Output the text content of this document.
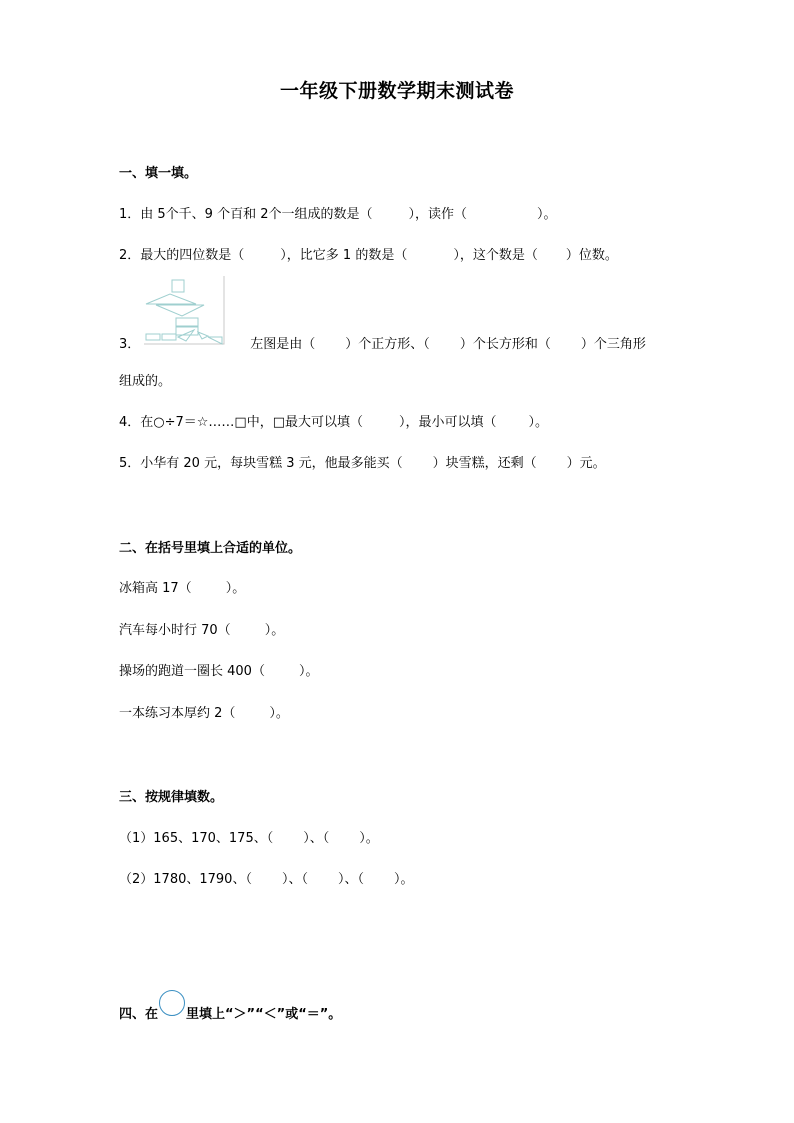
一年级下册数学期末测试卷
一、填一填。
1．由 5个千、9 个百和 2个一组成的数是（	），读作（	）。
2．最大的四位数是（	），比它多 1 的数是（	），这个数是（ ）位数。
3．	左图是由（ ）个正方形、（ ）个长方形和（ ）个三角形
组成的。
4．在○÷7＝☆……□中，□最大可以填（	），最小可以填（ ）。
5．小华有 20 元，每块雪糕 3 元，他最多能买（ ）块雪糕，还剩（ ）元。
二、在括号里填上合适的单位。
冰箱高 17（	）。
汽车每小时行 70（	）。
操场的跑道一圈长 400（	）。
一本练习本厚约 2（	）。
三、按规律填数。
（1）165、170、175、（ ）、（ ）。
（2）1780、1790、（ ）、（ ）、（ ）。
四、在 里填上“＞”“＜”或“＝”。
